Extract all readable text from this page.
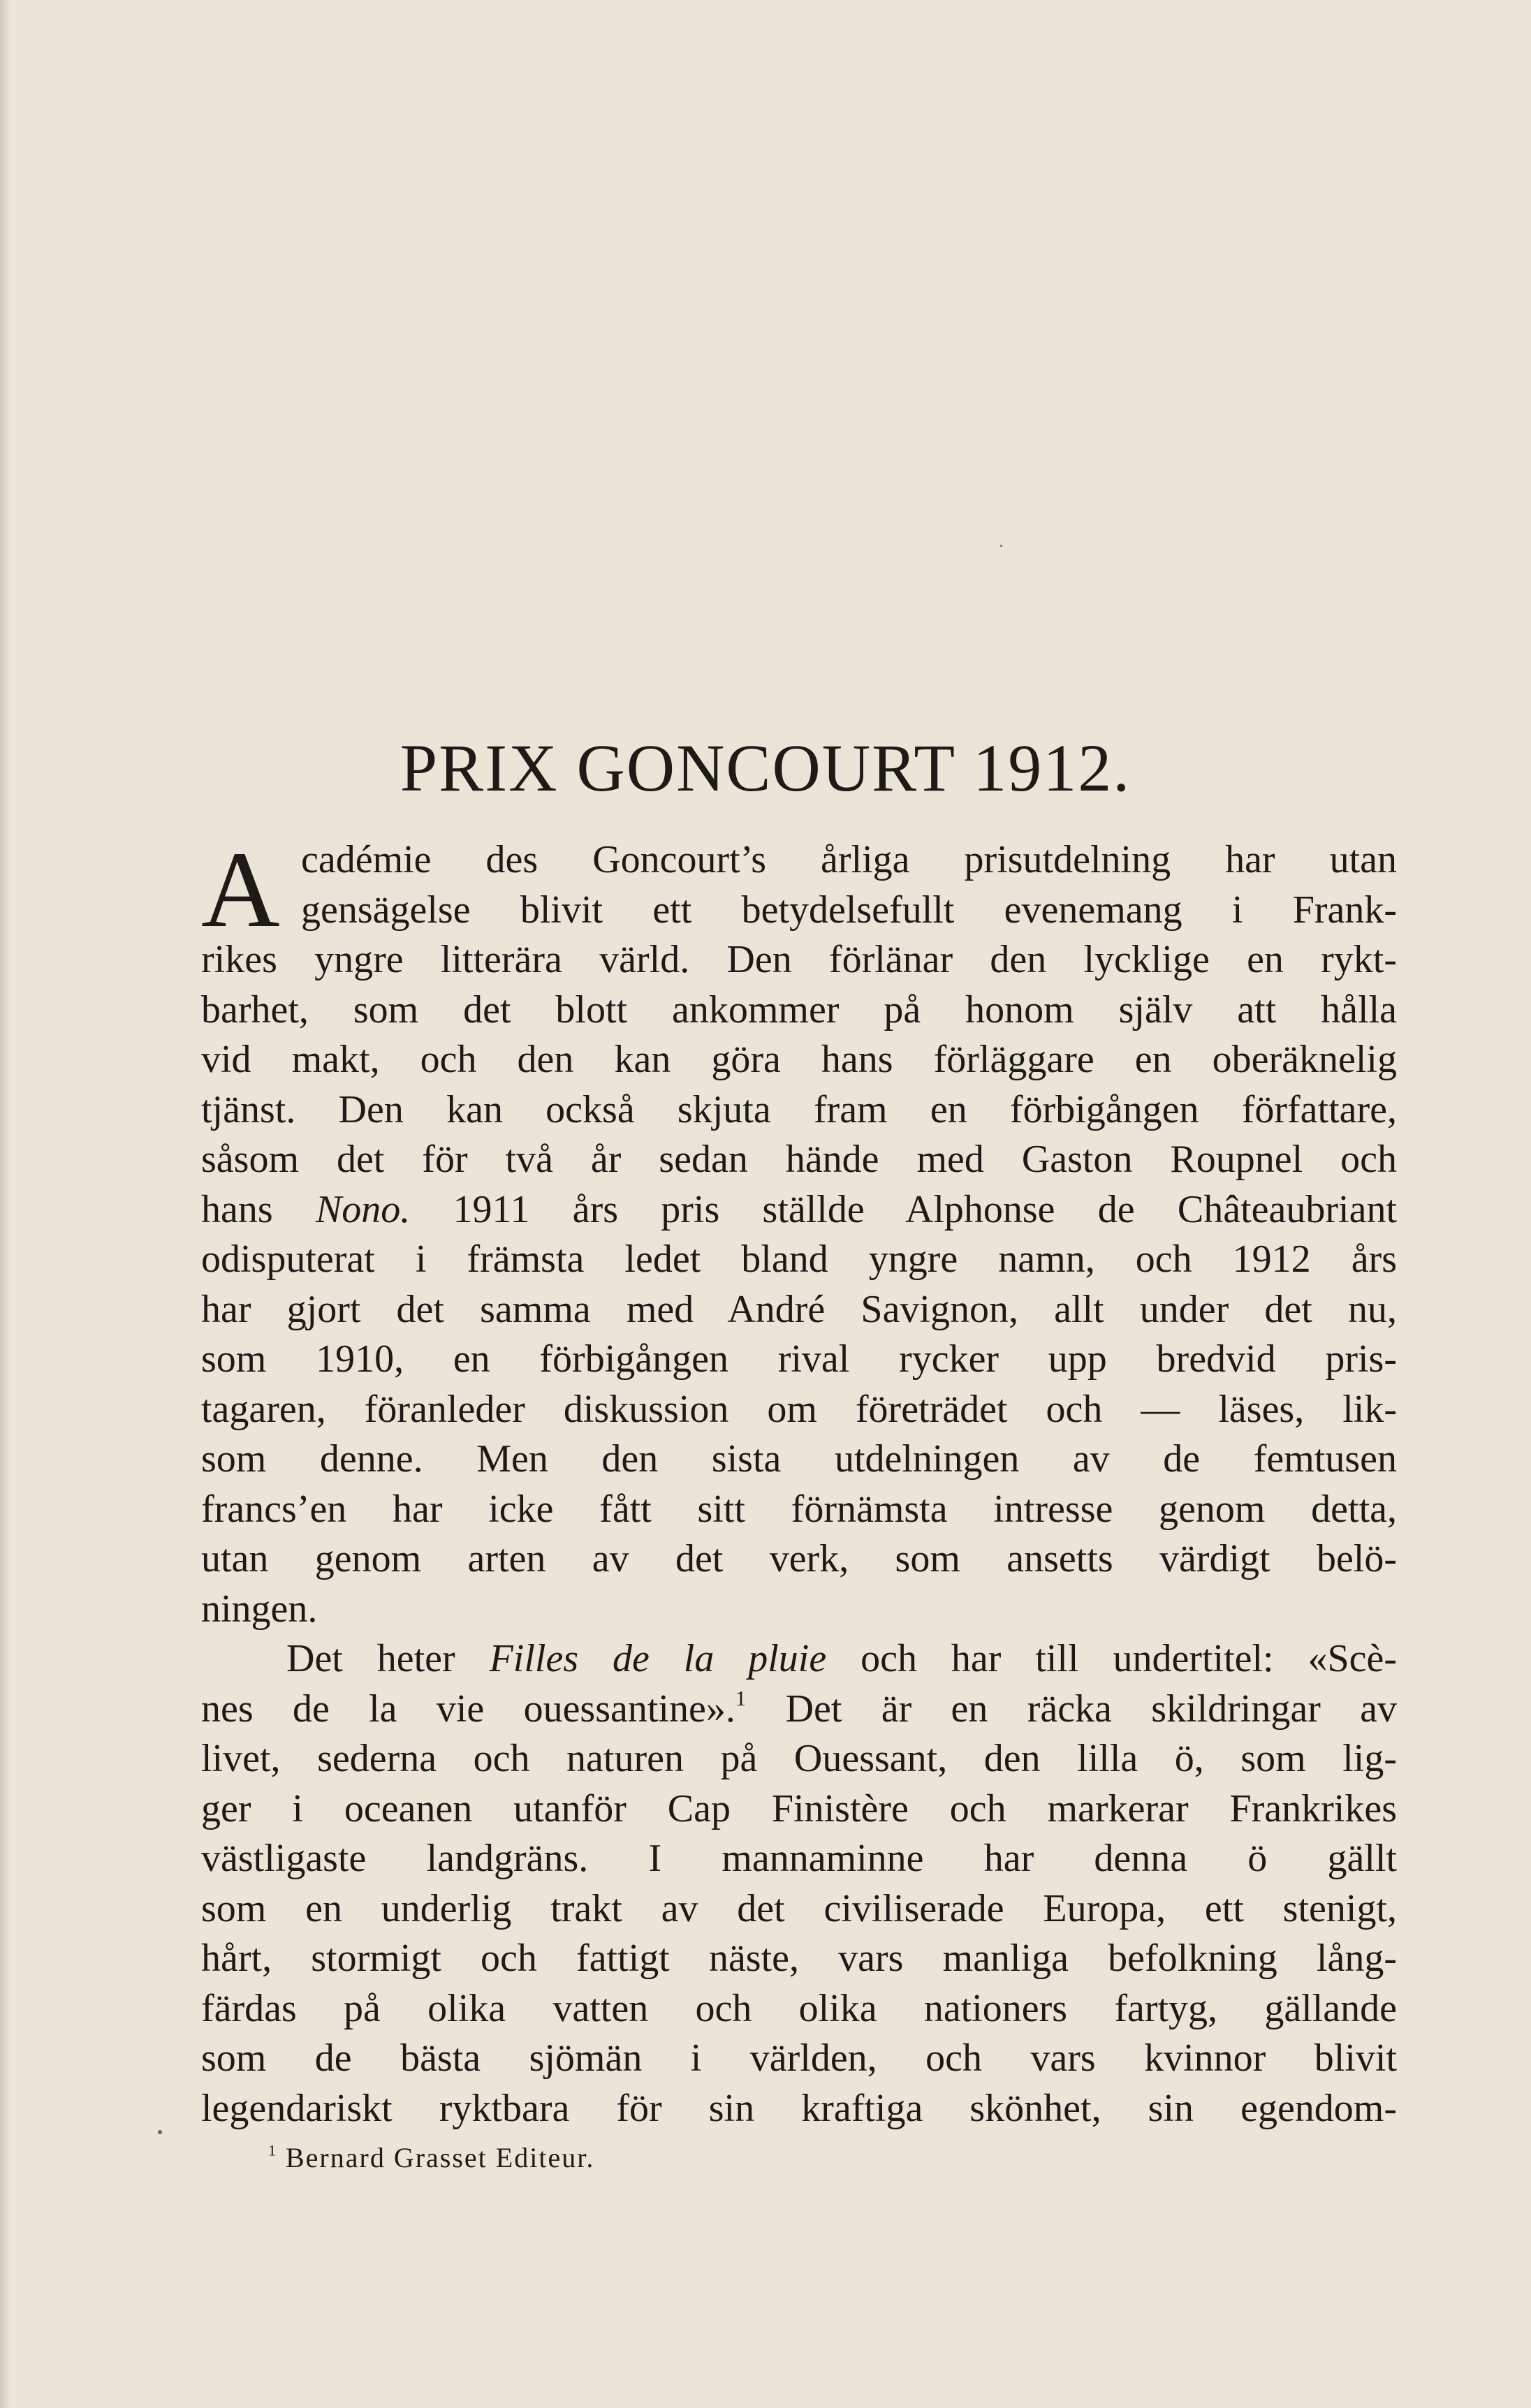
PRIX GONCOURT 1912.
A cadémie des Goncourt’s årliga prisutdelning har utan
gensägelse blivit ett betydelsefullt evenemang i Frank-
rikes yngre litterära värld. Den förlänar den lycklige en rykt-
barhet, som det blott ankommer på honom själv att hålla
vid makt, och den kan göra hans förläggare en oberäknelig
tjänst. Den kan också skjuta fram en förbigången författare,
såsom det för två år sedan hände med Gaston Roupnel och
hans Nono. 1911 års pris ställde Alphonse de Châteaubriant
odisputerat i främsta ledet bland yngre namn, och 1912 års
har gjort det samma med André Savignon, allt under det nu,
som 1910, en förbigången rival rycker upp bredvid pris-
tagaren, föranleder diskussion om företrädet och — läses, lik-
som denne. Men den sista utdelningen av de femtusen
francs’en har icke fått sitt förnämsta intresse genom detta,
utan genom arten av det verk, som ansetts värdigt belö-
ningen.
Det heter Filles de la pluie och har till undertitel: «Scè-
nes de la vie ouessantine».$^1$ Det är en räcka skildringar av
livet, sederna och naturen på Ouessant, den lilla ö, som lig-
ger i oceanen utanför Cap Finistère och markerar Frankrikes
västligaste landgräns. I mannaminne har denna ö gällt
som en underlig trakt av det civiliserade Europa, ett stenigt,
hårt, stormigt och fattigt näste, vars manliga befolkning lång-
färdas på olika vatten och olika nationers fartyg, gällande
som de bästa sjömän i världen, och vars kvinnor blivit
legendariskt ryktbara för sin kraftiga skönhet, sin egendom-
$^1$ Bernard Grasset Editeur.
